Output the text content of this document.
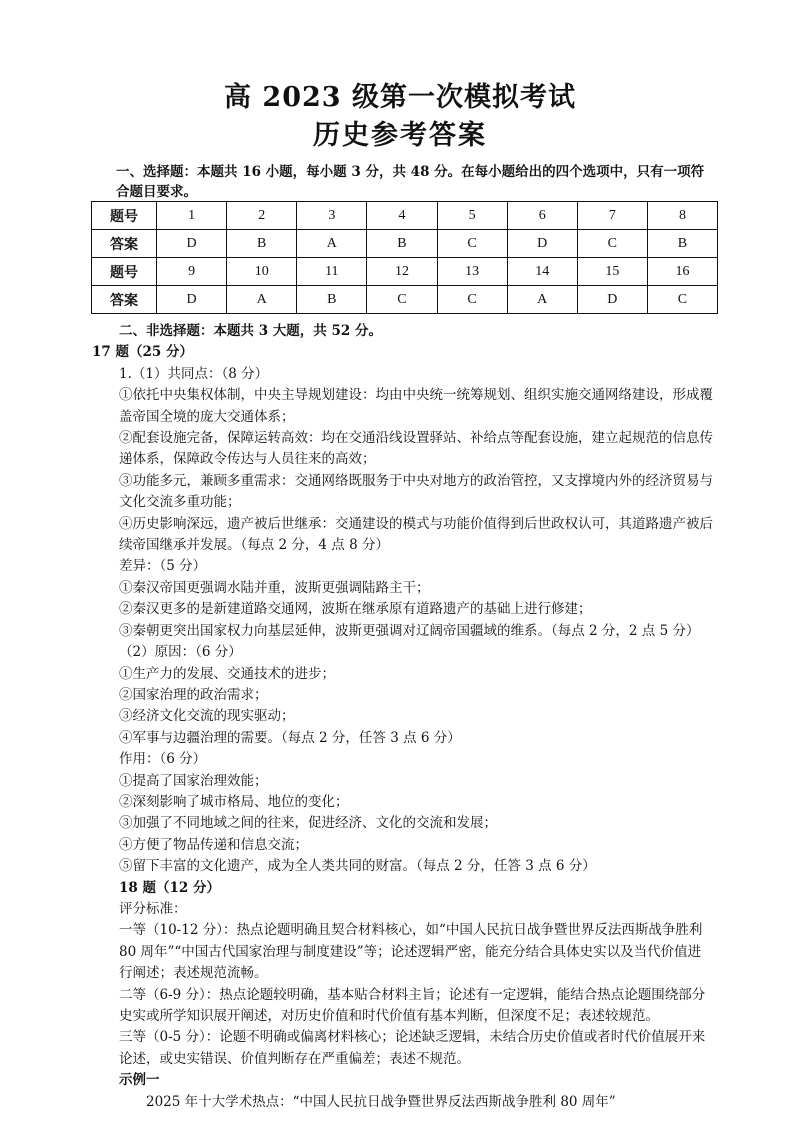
高 2023 级第一次模拟考试
历史参考答案
一、选择题：本题共 16 小题，每小题 3 分，共 48 分。在每小题给出的四个选项中，只有一项符合题目要求。
题号	1	2	3	4	5	6	7	8
答案	D	B	A	B	C	D	C	B
题号	9	10	11	12	13	14	15	16
答案	D	A	B	C	C	A	D	C

二、非选择题：本题共 3 大题，共 52 分。

17 题（25 分）

1.（1）共同点：（8 分）

①依托中央集权体制，中央主导规划建设：均由中央统一统筹规划、组织实施交通网络建设，形成覆盖帝国全境的庞大交通体系；

②配套设施完备，保障运转高效：均在交通沿线设置驿站、补给点等配套设施，建立起规范的信息传递体系，保障政令传达与人员往来的高效；

③功能多元，兼顾多重需求：交通网络既服务于中央对地方的政治管控，又支撑境内外的经济贸易与文化交流多重功能；

④历史影响深远，遗产被后世继承：交通建设的模式与功能价值得到后世政权认可，其道路遗产被后续帝国继承并发展。（每点 2 分，4 点 8 分）

差异：（5 分）

①秦汉帝国更强调水陆并重，波斯更强调陆路主干；

②秦汉更多的是新建道路交通网，波斯在继承原有道路遗产的基础上进行修建；

③秦朝更突出国家权力向基层延伸，波斯更强调对辽阔帝国疆域的维系。（每点 2 分，2 点 5 分）

（2）原因：（6 分）

①生产力的发展、交通技术的进步；

②国家治理的政治需求；

③经济文化交流的现实驱动；

④军事与边疆治理的需要。（每点 2 分，任答 3 点 6 分）

作用：（6 分）

①提高了国家治理效能；

②深刻影响了城市格局、地位的变化；

③加强了不同地域之间的往来，促进经济、文化的交流和发展；

④方便了物品传递和信息交流；

⑤留下丰富的文化遗产，成为全人类共同的财富。（每点 2 分，任答 3 点 6 分）

18 题（12 分）

评分标准：

一等（10-12 分）：热点论题明确且契合材料核心，如“中国人民抗日战争暨世界反法西斯战争胜利 80 周年”“中国古代国家治理与制度建设”等；论述逻辑严密，能充分结合具体史实以及当代价值进行阐述；表述规范流畅。

二等（6-9 分）：热点论题较明确，基本贴合材料主旨；论述有一定逻辑，能结合热点论题围绕部分史实或所学知识展开阐述，对历史价值和时代价值有基本判断，但深度不足；表述较规范。

三等（0-5 分）：论题不明确或偏离材料核心；论述缺乏逻辑，未结合历史价值或者时代价值展开来论述，或史实错误、价值判断存在严重偏差；表述不规范。

示例一

2025 年十大学术热点：“中国人民抗日战争暨世界反法西斯战争胜利 80 周年”
